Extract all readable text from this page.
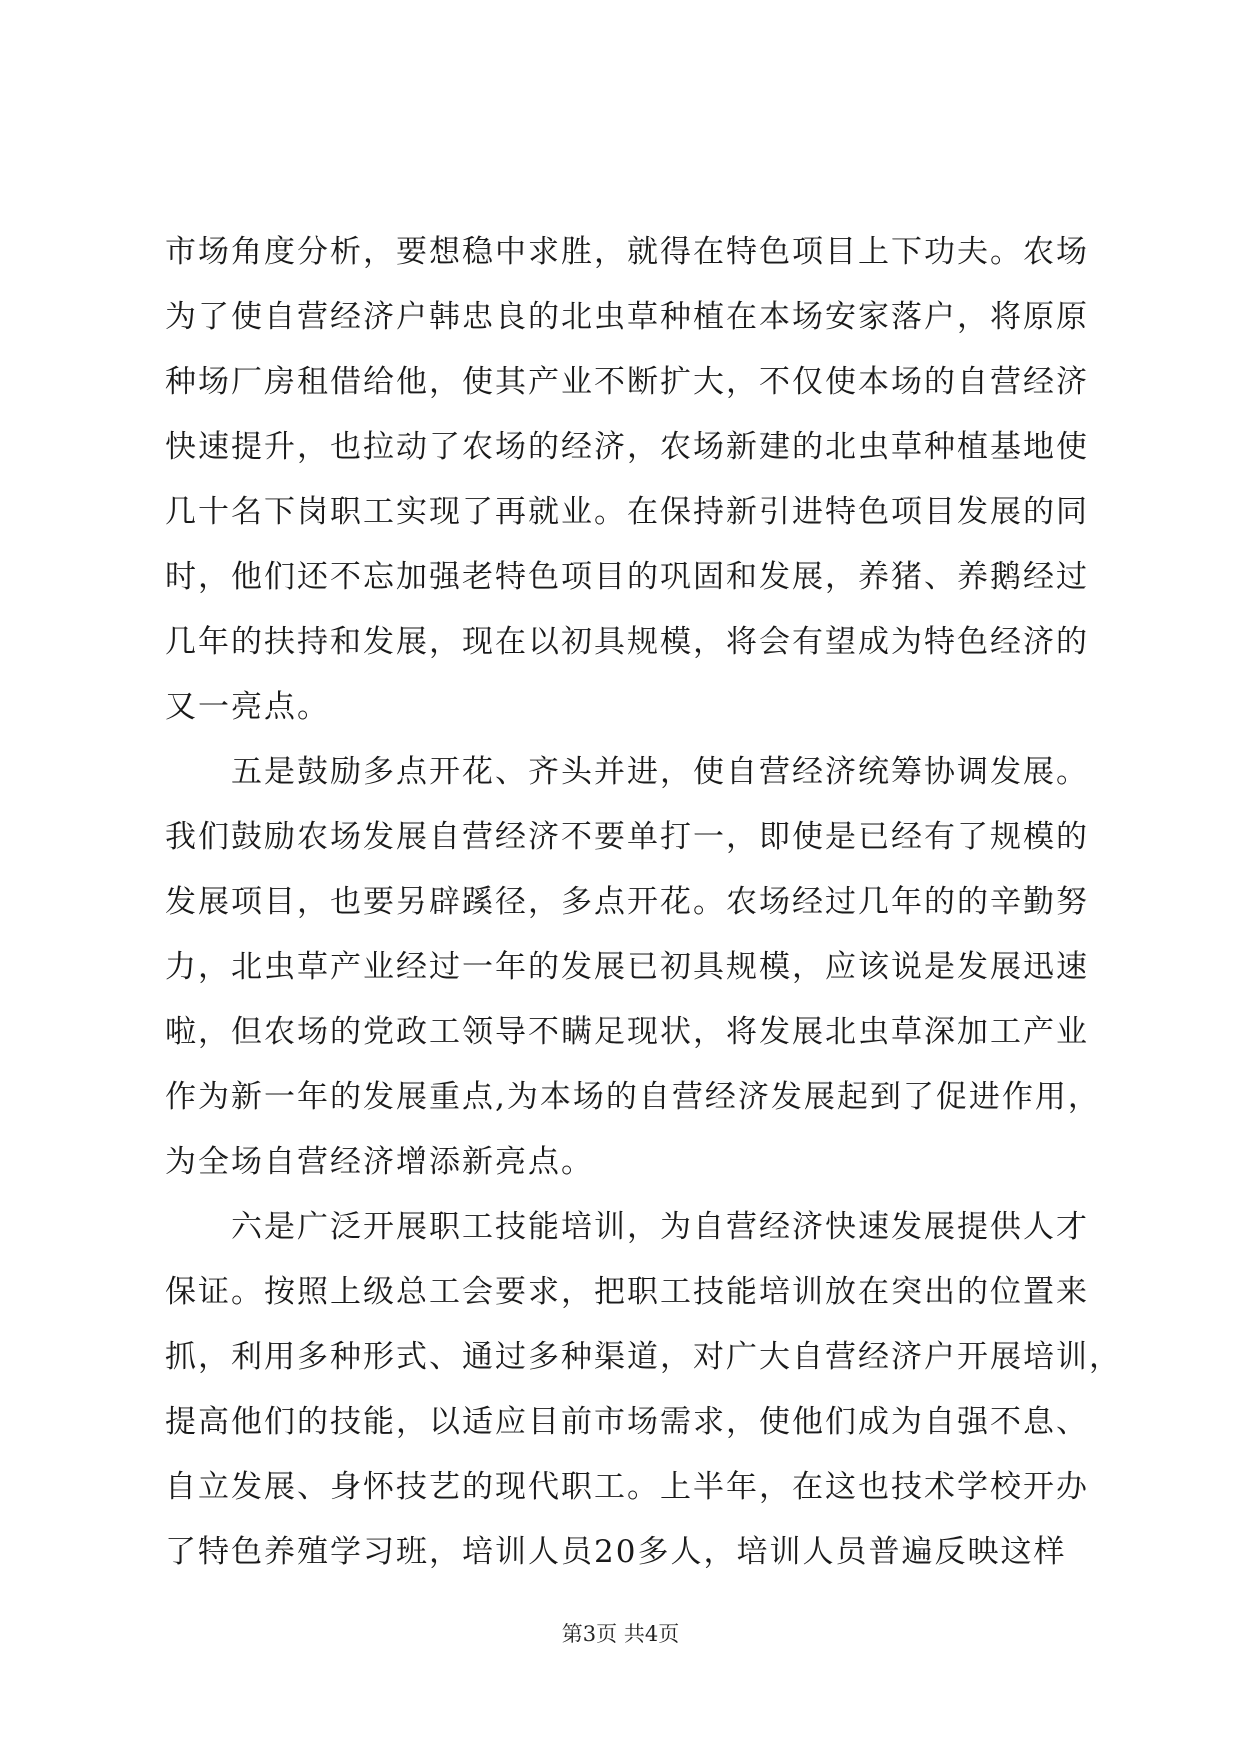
市场角度分析，要想稳中求胜，就得在特色项目上下功夫。农场
为了使自营经济户韩忠良的北虫草种植在本场安家落户，将原原
种场厂房租借给他，使其产业不断扩大，不仅使本场的自营经济
快速提升，也拉动了农场的经济，农场新建的北虫草种植基地使
几十名下岗职工实现了再就业。在保持新引进特色项目发展的同
时，他们还不忘加强老特色项目的巩固和发展，养猪、养鹅经过
几年的扶持和发展，现在以初具规模，将会有望成为特色经济的
又一亮点。
　　五是鼓励多点开花、齐头并进，使自营经济统筹协调发展。
我们鼓励农场发展自营经济不要单打一，即使是已经有了规模的
发展项目，也要另辟蹊径，多点开花。农场经过几年的的辛勤努
力，北虫草产业经过一年的发展已初具规模，应该说是发展迅速
啦，但农场的党政工领导不瞒足现状，将发展北虫草深加工产业
作为新一年的发展重点,为本场的自营经济发展起到了促进作用，
为全场自营经济增添新亮点。
　　六是广泛开展职工技能培训，为自营经济快速发展提供人才
保证。按照上级总工会要求，把职工技能培训放在突出的位置来
抓，利用多种形式、通过多种渠道，对广大自营经济户开展培训，
提高他们的技能，以适应目前市场需求，使他们成为自强不息、
自立发展、身怀技艺的现代职工。上半年，在这也技术学校开办
了特色养殖学习班，培训人员20多人，培训人员普遍反映这样
第3页 共4页
